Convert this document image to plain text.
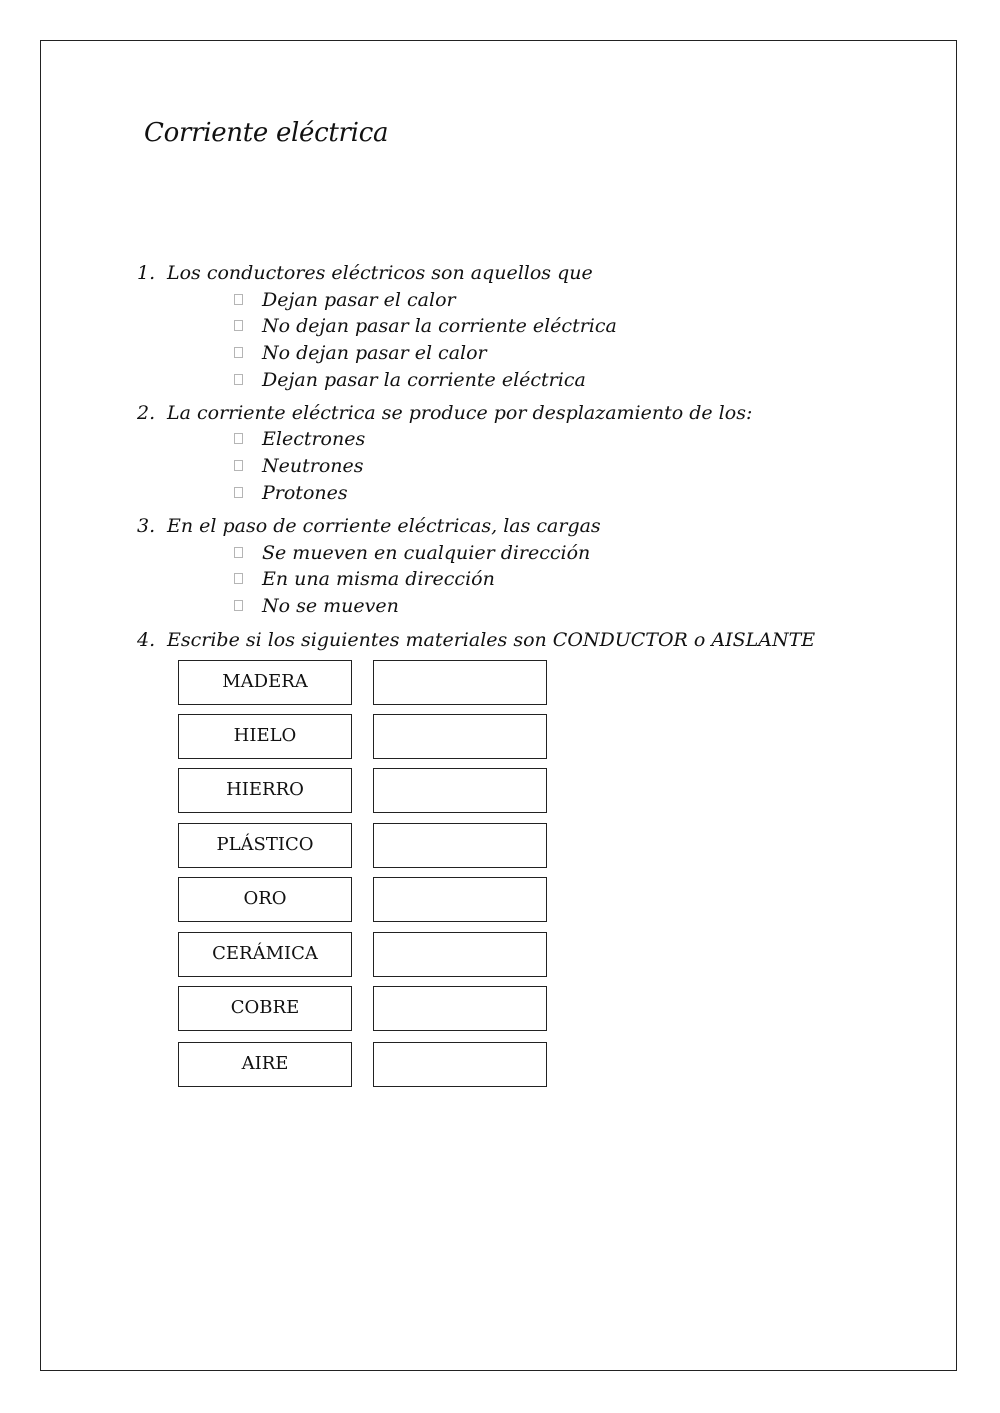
Corriente eléctrica
1. Los conductores eléctricos son aquellos que
Dejan pasar el calor
No dejan pasar la corriente eléctrica
No dejan pasar el calor
Dejan pasar la corriente eléctrica
2. La corriente eléctrica se produce por desplazamiento de los:
Electrones
Neutrones
Protones
3. En el paso de corriente eléctricas, las cargas
Se mueven en cualquier dirección
En una misma dirección
No se mueven
4. Escribe si los siguientes materiales son CONDUCTOR o AISLANTE
MADERA
HIELO
HIERRO
PLÁSTICO
ORO
CERÁMICA
COBRE
AIRE
